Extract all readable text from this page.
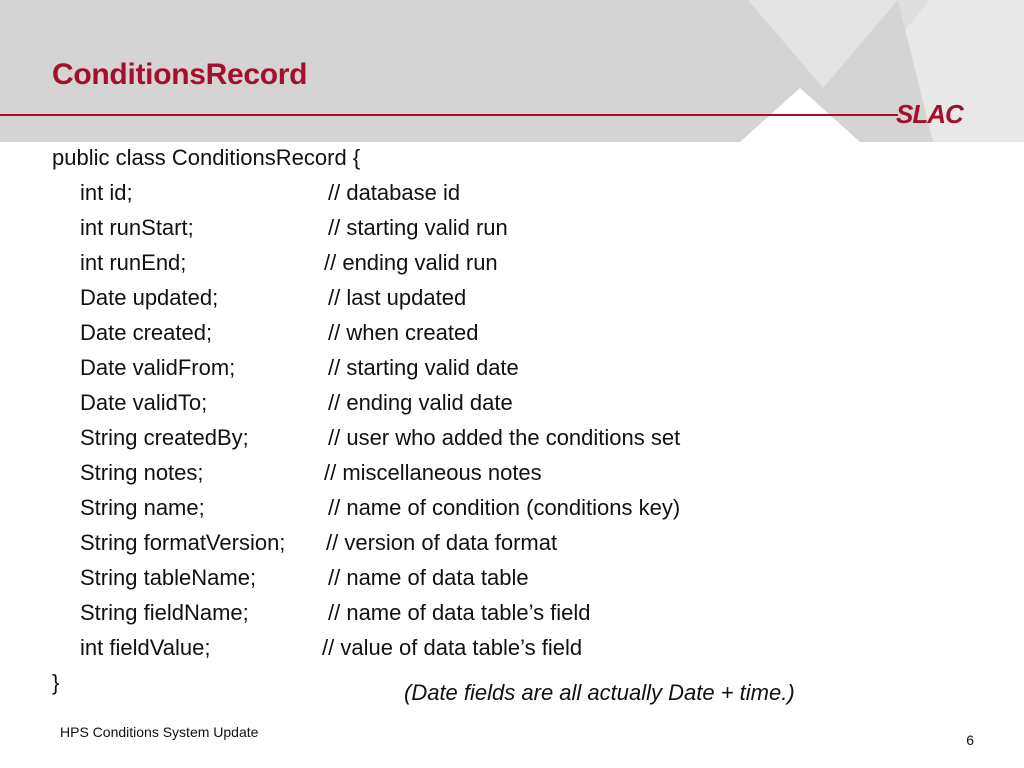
ConditionsRecord
SLAC
public class ConditionsRecord {
int id;	// database id
int runStart;	// starting valid run
int runEnd;	// ending valid run
Date updated;	// last updated
Date created;	// when created
Date validFrom;	// starting valid date
Date validTo;	// ending valid date
String createdBy;	// user who added the conditions set
String notes;	// miscellaneous notes
String name;	// name of condition (conditions key)
String formatVersion; // version of data format
String tableName;	// name of data table
String fieldName;	// name of data table’s field
int fieldValue;	// value of data table’s field
}	(Date fields are all actually Date + time.)
HPS Conditions System Update	6
